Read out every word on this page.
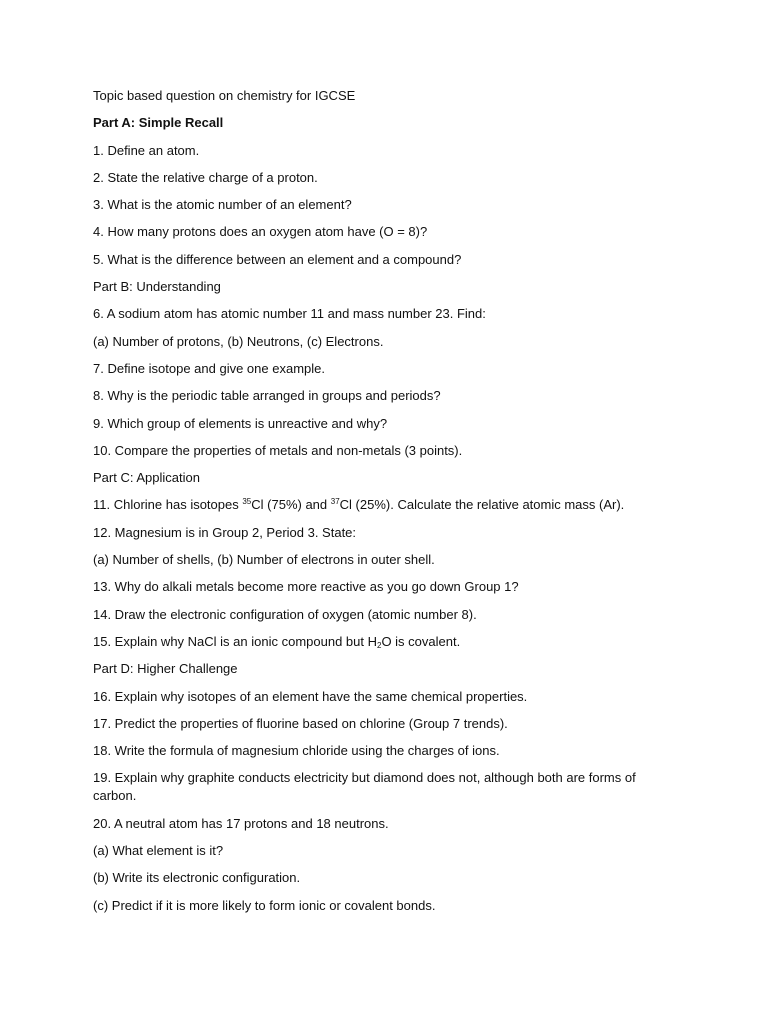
Topic based question on chemistry for IGCSE

Part A: Simple Recall

1. Define an atom.

2. State the relative charge of a proton.

3. What is the atomic number of an element?

4. How many protons does an oxygen atom have (O = 8)?

5. What is the difference between an element and a compound?

Part B: Understanding

6. A sodium atom has atomic number 11 and mass number 23. Find:

(a) Number of protons, (b) Neutrons, (c) Electrons.

7. Define isotope and give one example.

8. Why is the periodic table arranged in groups and periods?

9. Which group of elements is unreactive and why?

10. Compare the properties of metals and non-metals (3 points).

Part C: Application

11. Chlorine has isotopes $^{35}$Cl (75%) and $^{37}$Cl (25%). Calculate the relative atomic mass (Ar).

12. Magnesium is in Group 2, Period 3. State:

(a) Number of shells, (b) Number of electrons in outer shell.

13. Why do alkali metals become more reactive as you go down Group 1?

14. Draw the electronic configuration of oxygen (atomic number 8).

15. Explain why NaCl is an ionic compound but $H_2O$ is covalent.

Part D: Higher Challenge

16. Explain why isotopes of an element have the same chemical properties.

17. Predict the properties of fluorine based on chlorine (Group 7 trends).

18. Write the formula of magnesium chloride using the charges of ions.

19. Explain why graphite conducts electricity but diamond does not, although both are forms of carbon.

20. A neutral atom has 17 protons and 18 neutrons.

(a) What element is it?

(b) Write its electronic configuration.

(c) Predict if it is more likely to form ionic or covalent bonds.
